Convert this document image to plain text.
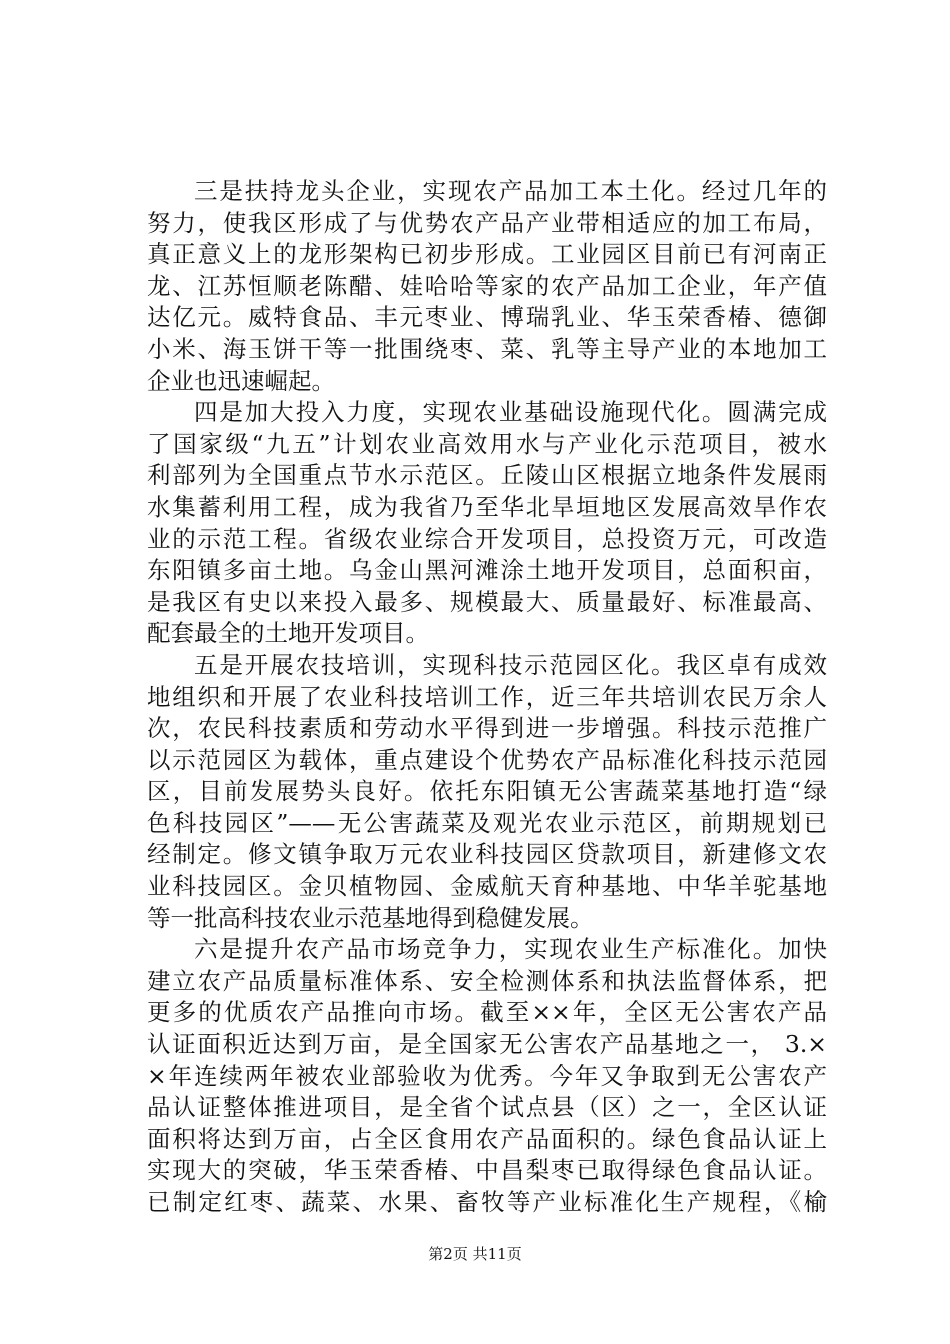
三是扶持龙头企业，实现农产品加工本土化。经过几年的
努力，使我区形成了与优势农产品产业带相适应的加工布局，
真正意义上的龙形架构已初步形成。工业园区目前已有河南正
龙、江苏恒顺老陈醋、娃哈哈等家的农产品加工企业，年产值
达亿元。威特食品、丰元枣业、博瑞乳业、华玉荣香椿、德御
小米、海玉饼干等一批围绕枣、菜、乳等主导产业的本地加工
企业也迅速崛起。
四是加大投入力度，实现农业基础设施现代化。圆满完成
了国家级“九五”计划农业高效用水与产业化示范项目，被水
利部列为全国重点节水示范区。丘陵山区根据立地条件发展雨
水集蓄利用工程，成为我省乃至华北旱垣地区发展高效旱作农
业的示范工程。省级农业综合开发项目，总投资万元，可改造
东阳镇多亩土地。乌金山黑河滩涂土地开发项目，总面积亩，
是我区有史以来投入最多、规模最大、质量最好、标准最高、
配套最全的土地开发项目。
五是开展农技培训，实现科技示范园区化。我区卓有成效
地组织和开展了农业科技培训工作，近三年共培训农民万余人
次，农民科技素质和劳动水平得到进一步增强。科技示范推广
以示范园区为载体，重点建设个优势农产品标准化科技示范园
区，目前发展势头良好。依托东阳镇无公害蔬菜基地打造“绿
色科技园区”——无公害蔬菜及观光农业示范区，前期规划已
经制定。修文镇争取万元农业科技园区贷款项目，新建修文农
业科技园区。金贝植物园、金威航天育种基地、中华羊驼基地
等一批高科技农业示范基地得到稳健发展。
六是提升农产品市场竞争力，实现农业生产标准化。加快
建立农产品质量标准体系、安全检测体系和执法监督体系，把
更多的优质农产品推向市场。截至××年，全区无公害农产品
认证面积近达到万亩，是全国家无公害农产品基地之一， 3.×
×年连续两年被农业部验收为优秀。今年又争取到无公害农产
品认证整体推进项目，是全省个试点县（区）之一，全区认证
面积将达到万亩，占全区食用农产品面积的。绿色食品认证上
实现大的突破，华玉荣香椿、中昌梨枣已取得绿色食品认证。
已制定红枣、蔬菜、水果、畜牧等产业标准化生产规程，《榆
第2页 共11页
